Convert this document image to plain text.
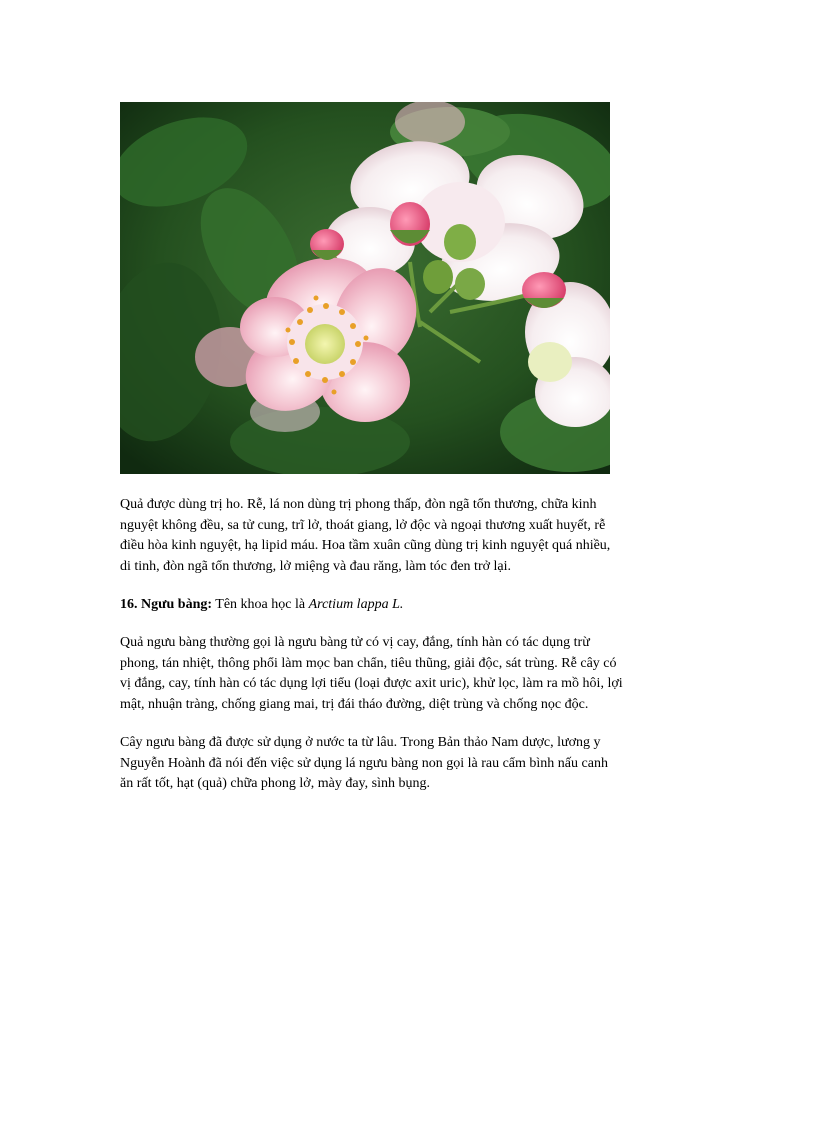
Quả được dùng trị ho. Rễ, lá non dùng trị phong thấp, đòn ngã tổn thương, chữa kinh
nguyệt không đều, sa tử cung, trĩ lở, thoát giang, lở độc và ngoại thương xuất huyết, rễ
điều hòa kinh nguyệt, hạ lipid máu. Hoa tầm xuân cũng dùng trị kinh nguyệt quá nhiều,
di tinh, đòn ngã tổn thương, lở miệng và đau răng, làm tóc đen trở lại.
16. Ngưu bàng: Tên khoa học là Arctium lappa L.
Quả ngưu bàng thường gọi là ngưu bàng tử có vị cay, đắng, tính hàn có tác dụng trừ
phong, tán nhiệt, thông phổi làm mọc ban chẩn, tiêu thũng, giải độc, sát trùng. Rễ cây có
vị đắng, cay, tính hàn có tác dụng lợi tiểu (loại được axit uric), khử lọc, làm ra mồ hôi, lợi
mật, nhuận tràng, chống giang mai, trị đái tháo đường, diệt trùng và chống nọc độc.
Cây ngưu bàng đã được sử dụng ở nước ta từ lâu. Trong Bản thảo Nam dược, lương y
Nguyễn Hoành đã nói đến việc sử dụng lá ngưu bàng non gọi là rau cẩm bình nấu canh
ăn rất tốt, hạt (quả) chữa phong lở, mày đay, sình bụng.
